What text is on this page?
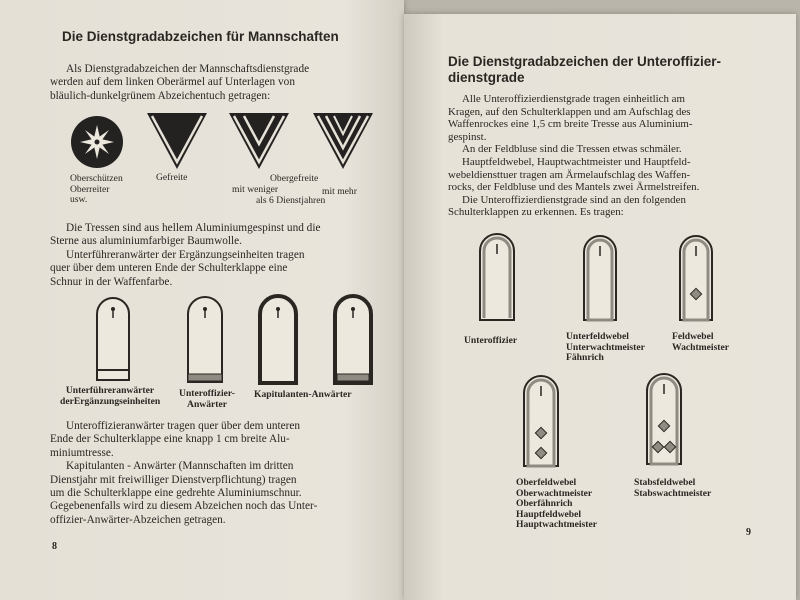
Die Dienstgradabzeichen für Mannschaften
Als Dienstgradabzeichen der Mannschaftsdienstgrade
werden auf dem linken Oberärmel auf Unterlagen von
bläulich-dunkelgrünem Abzeichentuch getragen:
Oberschützen
Oberreiter
usw.
Gefreite	Obergefreite
mit weniger	mit mehr
als 6 Dienstjahren
Die Tressen sind aus hellem Aluminiumgespinst und die
Sterne aus aluminiumfarbiger Baumwolle.
Unterführeranwärter der Ergänzungseinheiten tragen
quer über dem unteren Ende der Schulterklappe eine
Schnur in der Waffenfarbe.
Unterführeranwärter
derErgänzungseinheiten
Unteroffizier-
Anwärter
Kapitulanten-Anwärter
Unteroffizieranwärter tragen quer über dem unteren
Ende der Schulterklappe eine knapp 1 cm breite Alu-
miniumtresse.
Kapitulanten - Anwärter (Mannschaften im dritten
Dienstjahr mit freiwilliger Dienstverpflichtung) tragen
um die Schulterklappe eine gedrehte Aluminiumschnur.
Gegebenenfalls wird zu diesem Abzeichen noch das Unter-
offizier-Anwärter-Abzeichen getragen.
8
Die Dienstgradabzeichen der Unteroffizier-
dienstgrade
Alle Unteroffizierdienstgrade tragen einheitlich am
Kragen, auf den Schulterklappen und am Aufschlag des
Waffenrockes eine 1,5 cm breite Tresse aus Aluminium-
gespinst.
An der Feldbluse sind die Tressen etwas schmäler.
Hauptfeldwebel, Hauptwachtmeister und Hauptfeld-
webeldiensttuer tragen am Ärmelaufschlag des Waffen-
rocks, der Feldbluse und des Mantels zwei Ärmelstreifen.
Die Unteroffizierdienstgrade sind an den folgenden
Schulterklappen zu erkennen. Es tragen:
Unteroffizier	Unterfeldwebel
Unterwachtmeister
Fähnrich
Feldwebel
Wachtmeister
Oberfeldwebel
Oberwachtmeister
Oberfähnrich
Hauptfeldwebel
Hauptwachtmeister
Stabsfeldwebel
Stabswachtmeister
9
